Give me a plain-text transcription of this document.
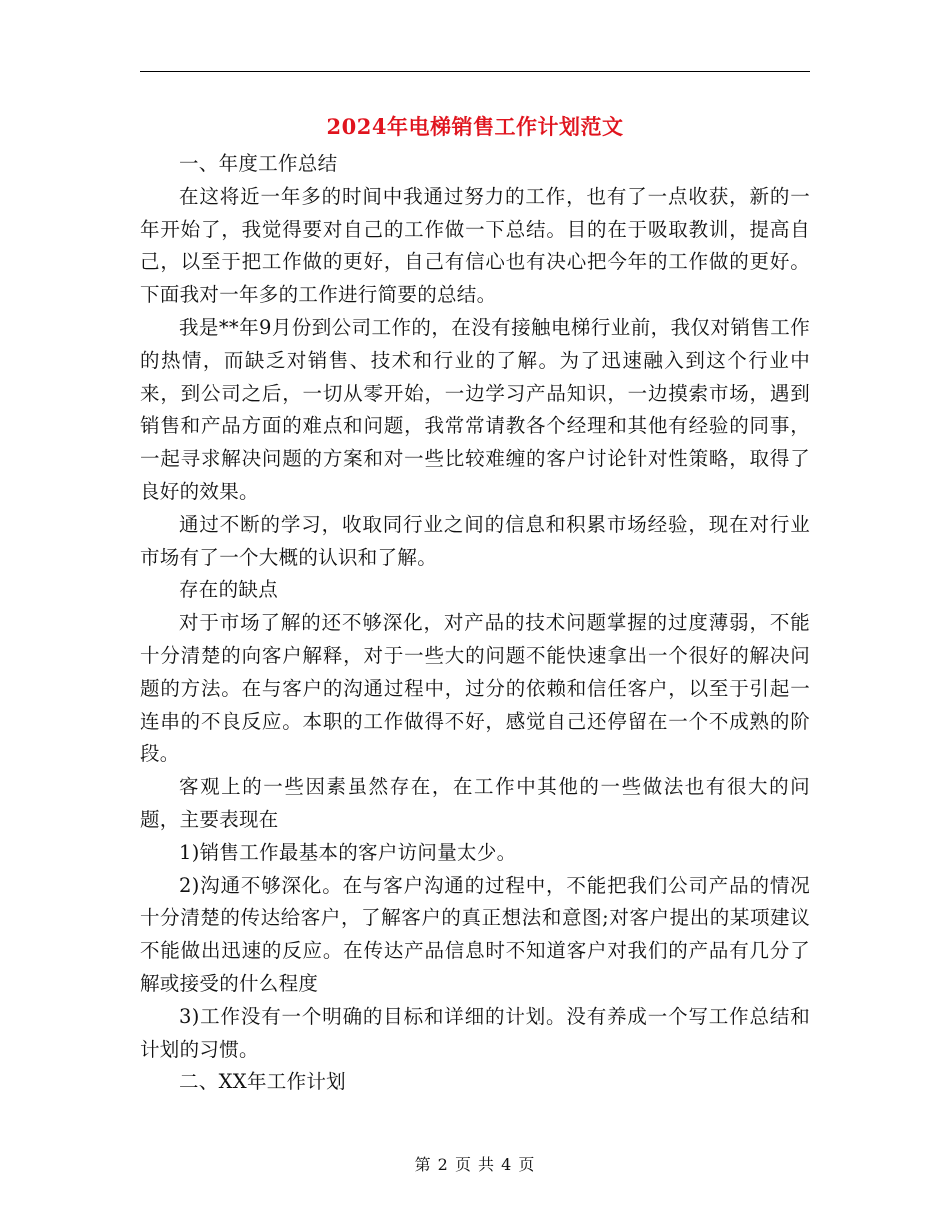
2024年电梯销售工作计划范文

一、年度工作总结

在这将近一年多的时间中我通过努力的工作，也有了一点收获，新的一年开始了，我觉得要对自己的工作做一下总结。目的在于吸取教训，提高自己，以至于把工作做的更好，自己有信心也有决心把今年的工作做的更好。下面我对一年多的工作进行简要的总结。

我是**年9月份到公司工作的，在没有接触电梯行业前，我仅对销售工作的热情，而缺乏对销售、技术和行业的了解。为了迅速融入到这个行业中来，到公司之后，一切从零开始，一边学习产品知识，一边摸索市场，遇到销售和产品方面的难点和问题，我常常请教各个经理和其他有经验的同事，一起寻求解决问题的方案和对一些比较难缠的客户讨论针对性策略，取得了良好的效果。

通过不断的学习，收取同行业之间的信息和积累市场经验，现在对行业市场有了一个大概的认识和了解。

存在的缺点

对于市场了解的还不够深化，对产品的技术问题掌握的过度薄弱，不能十分清楚的向客户解释，对于一些大的问题不能快速拿出一个很好的解决问题的方法。在与客户的沟通过程中，过分的依赖和信任客户，以至于引起一连串的不良反应。本职的工作做得不好，感觉自己还停留在一个不成熟的阶段。

客观上的一些因素虽然存在，在工作中其他的一些做法也有很大的问题，主要表现在

1)销售工作最基本的客户访问量太少。

2)沟通不够深化。在与客户沟通的过程中，不能把我们公司产品的情况十分清楚的传达给客户，了解客户的真正想法和意图;对客户提出的某项建议不能做出迅速的反应。在传达产品信息时不知道客户对我们的产品有几分了解或接受的什么程度

3)工作没有一个明确的目标和详细的计划。没有养成一个写工作总结和计划的习惯。

二、XX年工作计划

第 2 页 共 4 页
